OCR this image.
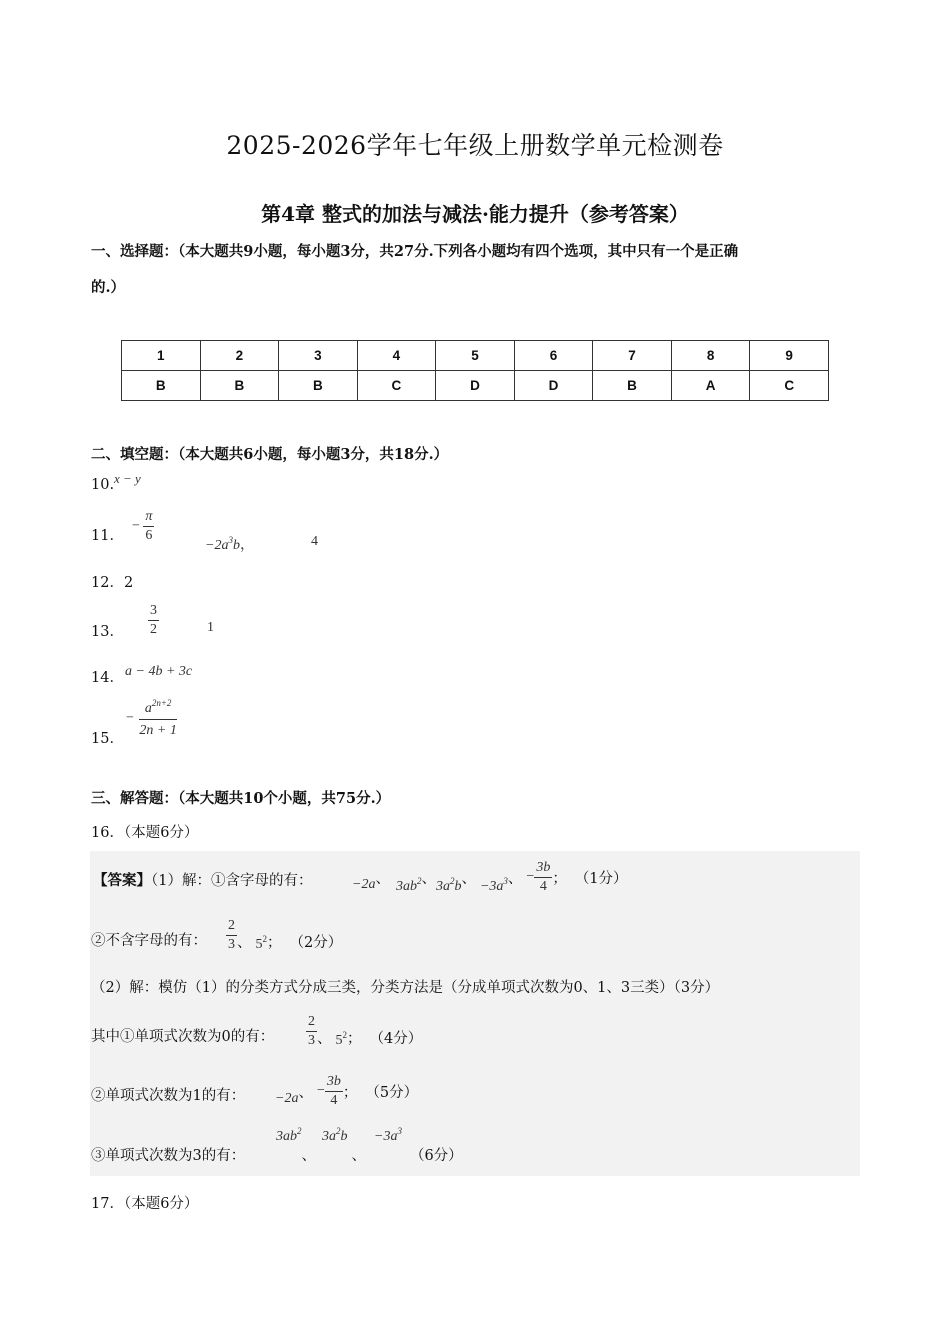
2025-2026学年七年级上册数学单元检测卷
第4章 整式的加法与减法·能力提升（参考答案）
一、选择题：（本大题共9小题，每小题3分，共27分.下列各小题均有四个选项，其中只有一个是正确
的.）
1	2	3	4	5	6	7	8	9
B	B	B	C	D	D	B	A	C
二、填空题：（本大题共6小题，每小题3分，共18分.）
10. x − y
11．
− $\frac{\pi}{6}$
$-2a^3b$，	4
12．2
13． $\frac{3}{2}$	1
14． a − 4b + 3c
15．
− $\frac{a^{2n+2}}{2n + 1}$
三、解答题：（本大题共10个小题，共75分.）
16．（本题6分）
【答案】（1）解：①含字母的有：	−2a 、 $3ab^2$ 、 $3a^2b$ 、 $-3a^3$ 、 − $\frac{3b}{4}$ ； （1分）
②不含字母的有： $\frac{2}{3}$ 、 $5^2$ ； （2分）
（2）解：模仿（1）的分类方式分成三类，分类方法是（分成单项式次数为0、1、3三类）（3分）
其中①单项式次数为0的有： $\frac{2}{3}$ 、 $5^2$ ； （4分）
②单项式次数为1的有： −2a 、 − $\frac{3b}{4}$ ； （5分）
③单项式次数为3的有：
$3ab^2$
、
$3a^2b$
、
$-3a^3$
（6分）
17．（本题6分）
